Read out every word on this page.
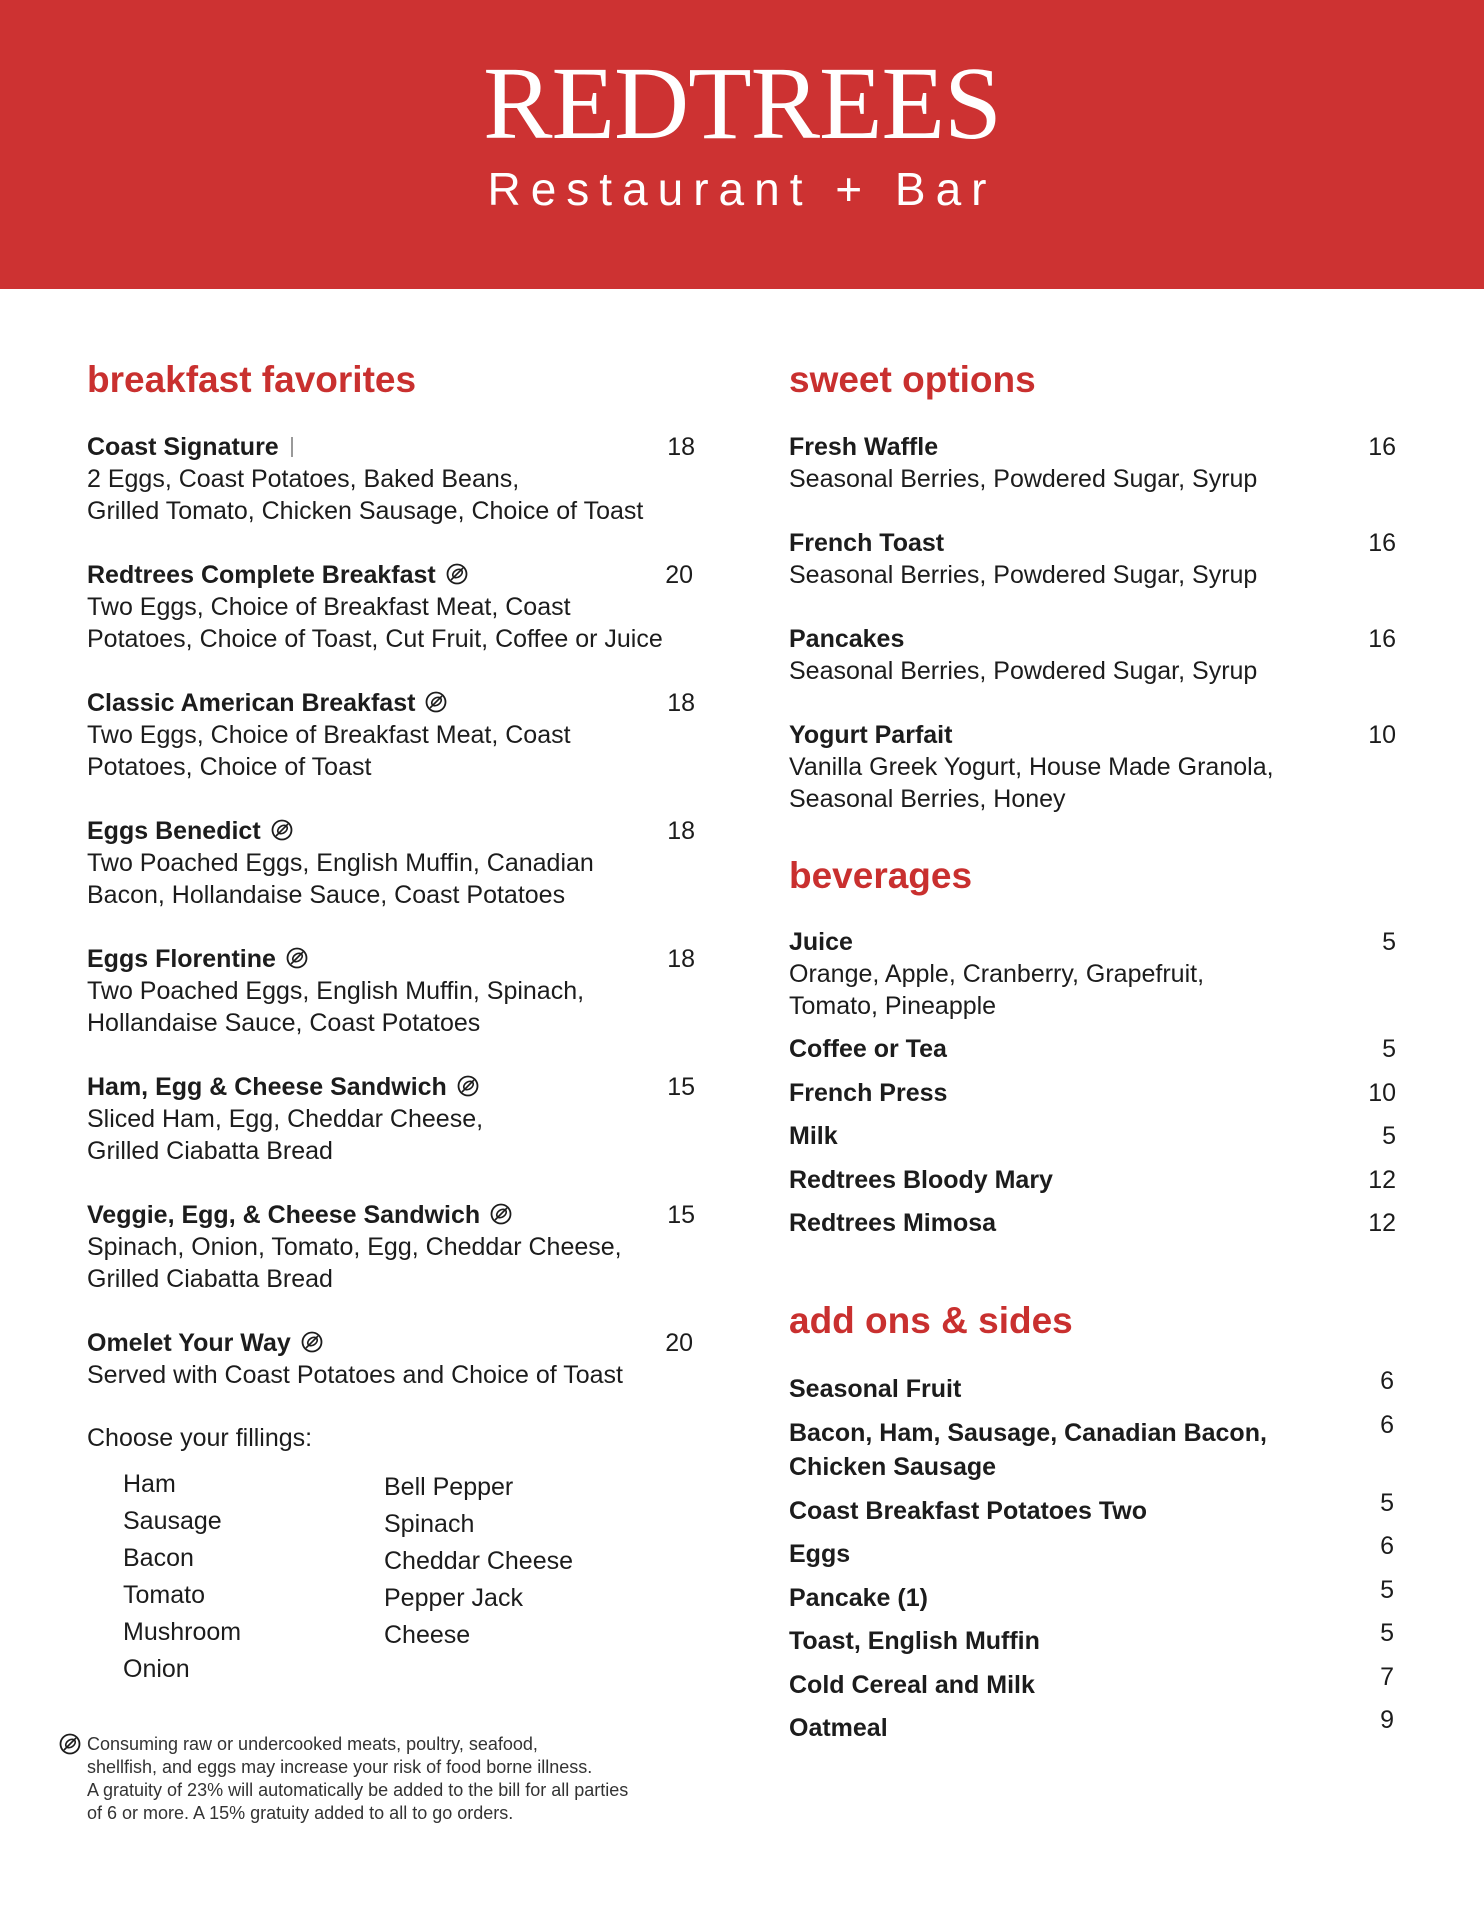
REDTREES
Restaurant + Bar
breakfast favorites
Coast Signature
2 Eggs, Coast Potatoes, Baked Beans,
Grilled Tomato, Chicken Sausage, Choice of Toast
18
Redtrees Complete Breakfast
Two Eggs, Choice of Breakfast Meat, Coast
Potatoes, Choice of Toast, Cut Fruit, Coffee or Juice
20
Classic American Breakfast
Two Eggs, Choice of Breakfast Meat, Coast
Potatoes, Choice of Toast
18
Eggs Benedict
Two Poached Eggs, English Muffin, Canadian
Bacon, Hollandaise Sauce, Coast Potatoes
18
Eggs Florentine
Two Poached Eggs, English Muffin, Spinach,
Hollandaise Sauce, Coast Potatoes
18
Ham, Egg & Cheese Sandwich
Sliced Ham, Egg, Cheddar Cheese,
Grilled Ciabatta Bread
15
Veggie, Egg, & Cheese Sandwich
Spinach, Onion, Tomato, Egg, Cheddar Cheese,
Grilled Ciabatta Bread
15
Omelet Your Way
Served with Coast Potatoes and Choice of Toast
20
Choose your fillings:
Ham
Sausage
Bacon
Tomato
Mushroom
Onion
Bell Pepper
Spinach
Cheddar Cheese
Pepper Jack
Cheese
Consuming raw or undercooked meats, poultry, seafood,
shellfish, and eggs may increase your risk of food borne illness.
A gratuity of 23% will automatically be added to the bill for all parties
of 6 or more. A 15% gratuity added to all to go orders.
sweet options
Fresh Waffle
Seasonal Berries, Powdered Sugar, Syrup
16
French Toast
Seasonal Berries, Powdered Sugar, Syrup
16
Pancakes
Seasonal Berries, Powdered Sugar, Syrup
16
Yogurt Parfait
Vanilla Greek Yogurt, House Made Granola,
Seasonal Berries, Honey
10
beverages
Juice
Orange, Apple, Cranberry, Grapefruit,
Tomato, Pineapple
5
Coffee or Tea	5
French Press	10
Milk	5
Redtrees Bloody Mary	12
Redtrees Mimosa	12
add ons & sides
Seasonal Fruit	6
Bacon, Ham, Sausage, Canadian Bacon,
Chicken Sausage
6
Coast Breakfast Potatoes Two	5
Eggs	6
Pancake (1)	5
Toast, English Muffin	5
Cold Cereal and Milk	7
Oatmeal	9
